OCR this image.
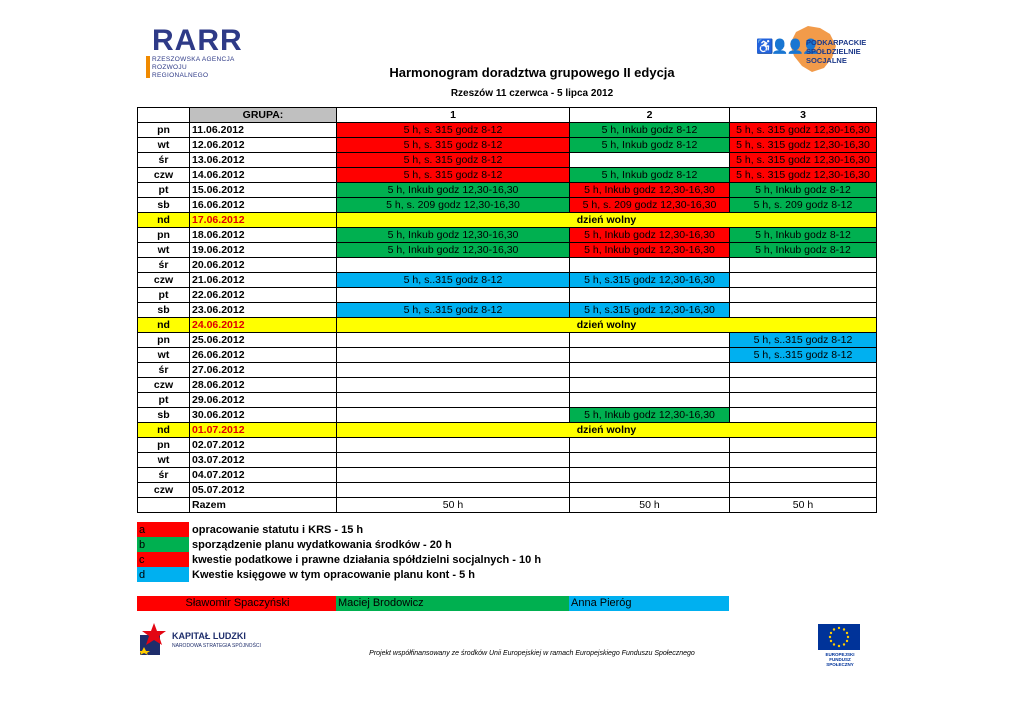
RARR
RZESZOWSKA AGENCJA
ROZWOJU REGIONALNEGO
♿👤👤👤
PODKARPACKIE
SPÓŁDZIELNIE
SOCJALNE
Harmonogram doradztwa grupowego II edycja
Rzeszów 11 czerwca - 5 lipca 2012
	GRUPA:	1	2	3
pn	11.06.2012	5 h, s. 315 godz 8-12	5 h, Inkub godz 8-12	5 h, s. 315 godz 12,30-16,30
wt	12.06.2012	5 h, s. 315 godz 8-12	5 h, Inkub godz 8-12	5 h, s. 315 godz 12,30-16,30
śr	13.06.2012	5 h, s. 315 godz 8-12		5 h, s. 315 godz 12,30-16,30
czw	14.06.2012	5 h, s. 315 godz 8-12	5 h, Inkub godz 8-12	5 h, s. 315 godz 12,30-16,30
pt	15.06.2012	5 h, Inkub godz 12,30-16,30	5 h, Inkub godz 12,30-16,30	5 h, Inkub godz 8-12
sb	16.06.2012	5 h, s. 209 godz 12,30-16,30	5 h, s. 209 godz 12,30-16,30	5 h, s. 209 godz 8-12
nd	17.06.2012	dzień wolny		
pn	18.06.2012	5 h, Inkub godz 12,30-16,30	5 h, Inkub godz 12,30-16,30	5 h, Inkub godz 8-12
wt	19.06.2012	5 h, Inkub godz 12,30-16,30	5 h, Inkub godz 12,30-16,30	5 h, Inkub godz 8-12
śr	20.06.2012			
czw	21.06.2012	5 h, s..315 godz 8-12	5 h, s.315 godz 12,30-16,30	
pt	22.06.2012			
sb	23.06.2012	5 h, s..315 godz 8-12	5 h, s.315 godz 12,30-16,30	
nd	24.06.2012	dzień wolny		
pn	25.06.2012			5 h, s..315 godz 8-12
wt	26.06.2012			5 h, s..315 godz 8-12
śr	27.06.2012			
czw	28.06.2012			
pt	29.06.2012			
sb	30.06.2012		5 h, Inkub godz 12,30-16,30	
nd	01.07.2012	dzień wolny		
pn	02.07.2012			
wt	03.07.2012			
śr	04.07.2012			
czw	05.07.2012			
	Razem	50 h	50 h	50 h
a	opracowanie statutu i KRS - 15 h
b	sporządzenie planu wydatkowania środków - 20 h
c	kwestie podatkowe i prawne działania spółdzielni socjalnych - 10 h
d	Kwestie księgowe w tym opracowanie planu kont - 5 h
Sławomir Spaczyński	Maciej Brodowicz	Anna Pieróg
KAPITAŁ LUDZKI
NARODOWA STRATEGIA SPÓJNOŚCI
Projekt współfinansowany ze środków Unii Europejskiej w ramach Europejskiego Funduszu Społecznego	EUROPEJSKI FUNDUSZ
SPOŁECZNY
